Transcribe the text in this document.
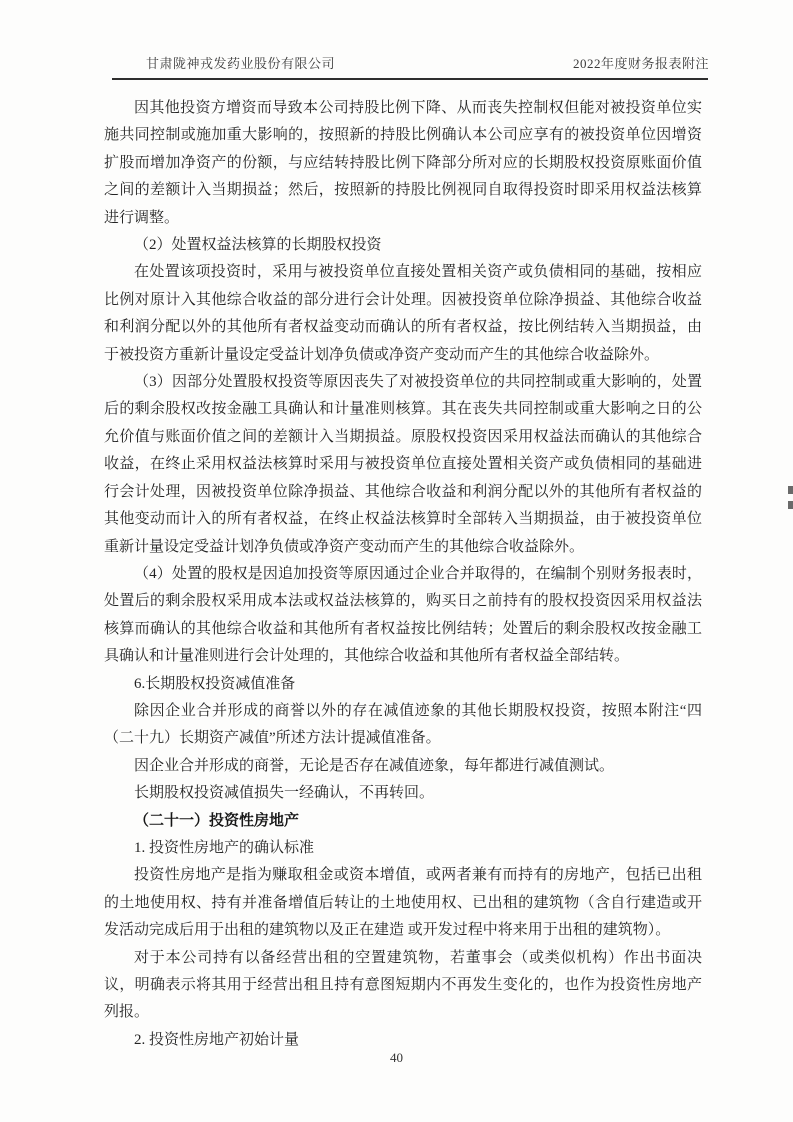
甘肃陇神戎发药业股份有限公司	2022年度财务报表附注

因其他投资方增资而导致本公司持股比例下降、从而丧失控制权但能对被投资单位实施共同控制或施加重大影响的，按照新的持股比例确认本公司应享有的被投资单位因增资扩股而增加净资产的份额，与应结转持股比例下降部分所对应的长期股权投资原账面价值之间的差额计入当期损益；然后，按照新的持股比例视同自取得投资时即采用权益法核算进行调整。

（2）处置权益法核算的长期股权投资

在处置该项投资时，采用与被投资单位直接处置相关资产或负债相同的基础，按相应比例对原计入其他综合收益的部分进行会计处理。因被投资单位除净损益、其他综合收益和利润分配以外的其他所有者权益变动而确认的所有者权益，按比例结转入当期损益，由于被投资方重新计量设定受益计划净负债或净资产变动而产生的其他综合收益除外。

（3）因部分处置股权投资等原因丧失了对被投资单位的共同控制或重大影响的，处置后的剩余股权改按金融工具确认和计量准则核算。其在丧失共同控制或重大影响之日的公允价值与账面价值之间的差额计入当期损益。原股权投资因采用权益法而确认的其他综合收益，在终止采用权益法核算时采用与被投资单位直接处置相关资产或负债相同的基础进行会计处理，因被投资单位除净损益、其他综合收益和利润分配以外的其他所有者权益的其他变动而计入的所有者权益，在终止权益法核算时全部转入当期损益，由于被投资单位重新计量设定受益计划净负债或净资产变动而产生的其他综合收益除外。

（4）处置的股权是因追加投资等原因通过企业合并取得的，在编制个别财务报表时，处置后的剩余股权采用成本法或权益法核算的，购买日之前持有的股权投资因采用权益法核算而确认的其他综合收益和其他所有者权益按比例结转；处置后的剩余股权改按金融工具确认和计量准则进行会计处理的，其他综合收益和其他所有者权益全部结转。

6.长期股权投资减值准备

除因企业合并形成的商誉以外的存在减值迹象的其他长期股权投资，按照本附注“四（二十九）长期资产减值”所述方法计提减值准备。

因企业合并形成的商誉，无论是否存在减值迹象，每年都进行减值测试。

长期股权投资减值损失一经确认，不再转回。

（二十一）投资性房地产

1. 投资性房地产的确认标准

投资性房地产是指为赚取租金或资本增值，或两者兼有而持有的房地产，包括已出租的土地使用权、持有并准备增值后转让的土地使用权、已出租的建筑物（含自行建造或开发活动完成后用于出租的建筑物以及正在建造 或开发过程中将来用于出租的建筑物）。

对于本公司持有以备经营出租的空置建筑物，若董事会（或类似机构）作出书面决议，明确表示将其用于经营出租且持有意图短期内不再发生变化的，也作为投资性房地产列报。

2. 投资性房地产初始计量

40
